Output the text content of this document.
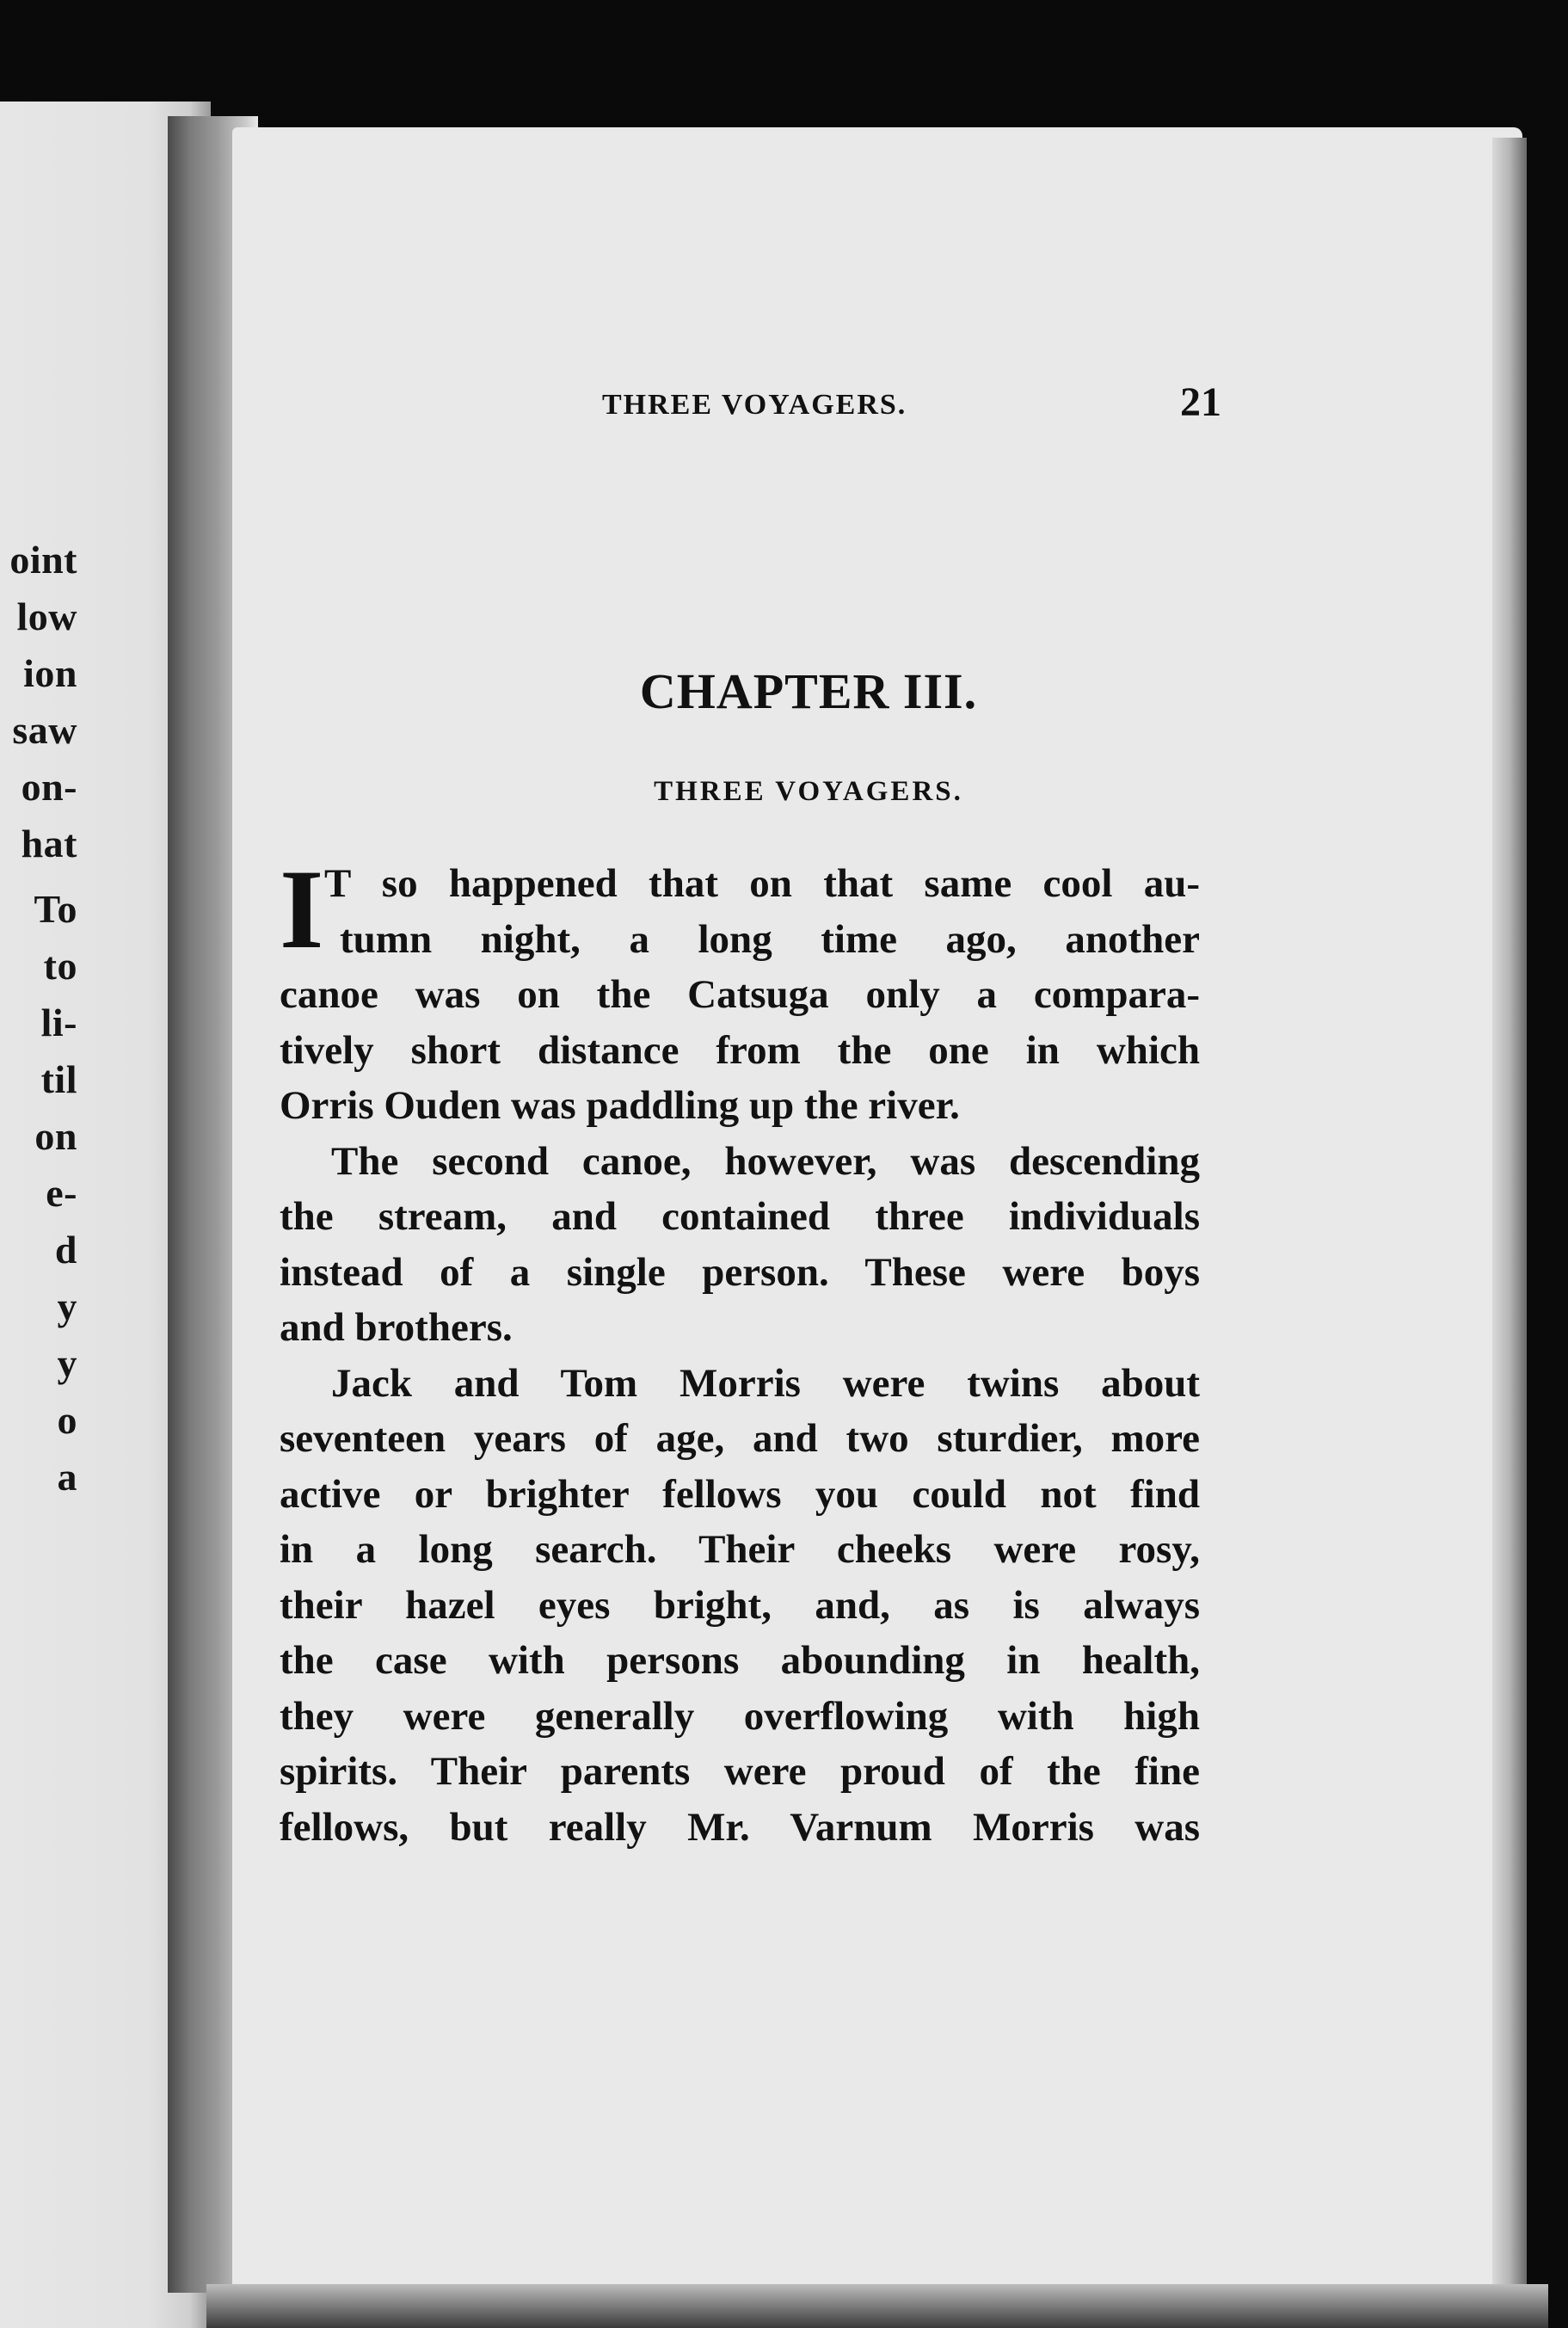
oint
low
ion
saw
on-
hat
To
to
li-
til
on
e-
d
y
y
o
a
THREE VOYAGERS.	21
CHAPTER III.
THREE VOYAGERS.
I T so happened that on that same cool au-
tumn night, a long time ago, another
canoe was on the Catsuga only a compara-
tively short distance from the one in which
Orris Ouden was paddling up the river.
The second canoe, however, was descending
the stream, and contained three individuals
instead of a single person. These were boys
and brothers.
Jack and Tom Morris were twins about
seventeen years of age, and two sturdier, more
active or brighter fellows you could not find
in a long search. Their cheeks were rosy,
their hazel eyes bright, and, as is always
the case with persons abounding in health,
they were generally overflowing with high
spirits. Their parents were proud of the fine
fellows, but really Mr. Varnum Morris was
